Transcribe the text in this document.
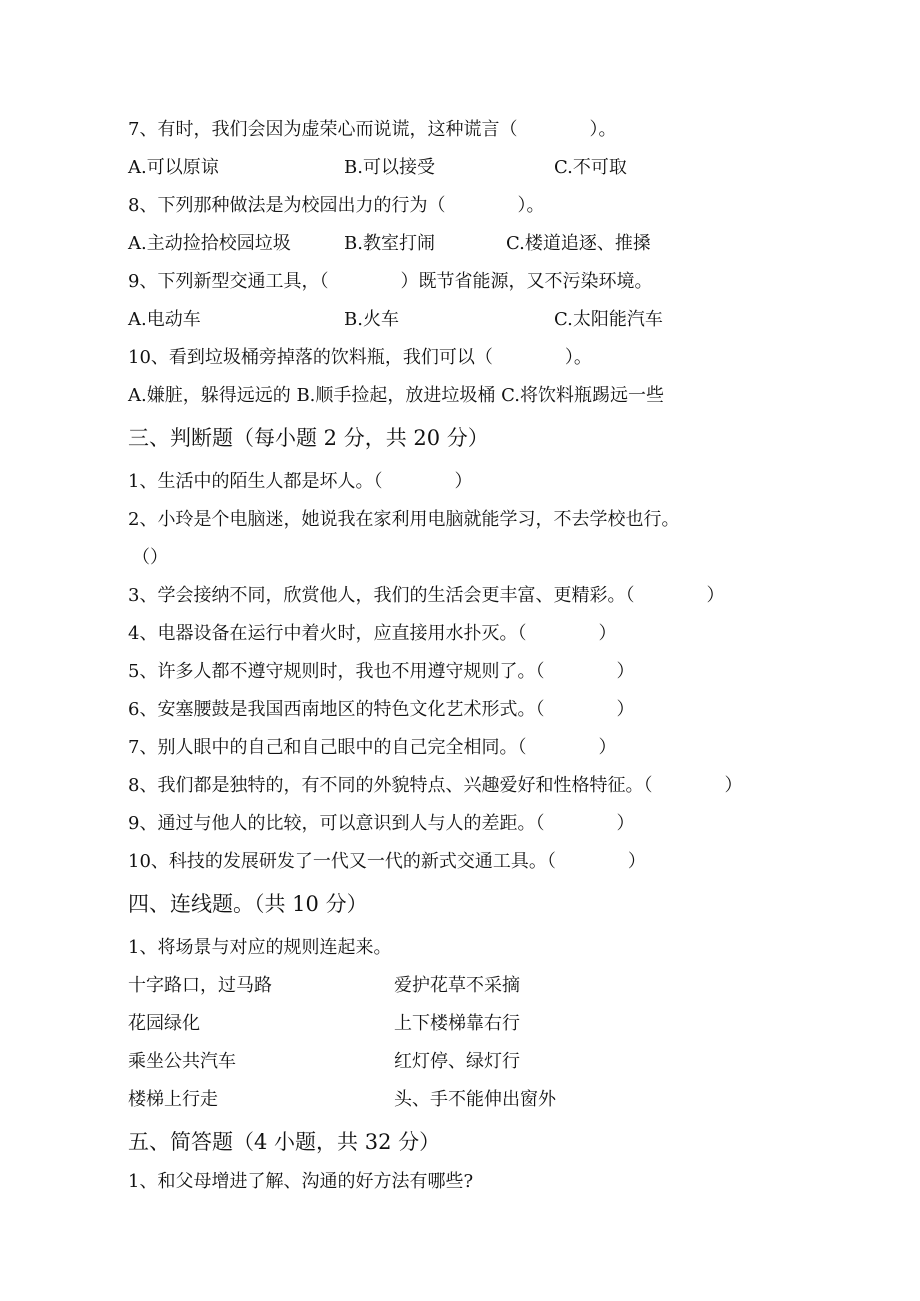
7、有时，我们会因为虚荣心而说谎，这种谎言（　　　　）。

A.可以原谅	B.可以接受	C.不可取

8、下列那种做法是为校园出力的行为（　　　　）。

A.主动捡拾校园垃圾	B.教室打闹	C.楼道追逐、推搡

9、下列新型交通工具，（　　　　）既节省能源，又不污染环境。

A.电动车	B.火车	C.太阳能汽车

10、看到垃圾桶旁掉落的饮料瓶，我们可以（　　　　）。

A.嫌脏，躲得远远的 B.顺手捡起，放进垃圾桶 C.将饮料瓶踢远一些

三、判断题（每小题 2 分，共 20 分）

1、生活中的陌生人都是坏人。（　　　　）

2、小玲是个电脑迷，她说我在家利用电脑就能学习，不去学校也行。

（）

3、学会接纳不同，欣赏他人，我们的生活会更丰富、更精彩。（　　　　）

4、电器设备在运行中着火时，应直接用水扑灭。（　　　　）

5、许多人都不遵守规则时，我也不用遵守规则了。（　　　　）

6、安塞腰鼓是我国西南地区的特色文化艺术形式。（　　　　）

7、别人眼中的自己和自己眼中的自己完全相同。（　　　　）

8、我们都是独特的，有不同的外貌特点、兴趣爱好和性格特征。（　　　　）

9、通过与他人的比较，可以意识到人与人的差距。（　　　　）

10、科技的发展研发了一代又一代的新式交通工具。（　　　　）

四、连线题。（共 10 分）

1、将场景与对应的规则连起来。

十字路口，过马路	爱护花草不采摘
花园绿化	上下楼梯靠右行
乘坐公共汽车	红灯停、绿灯行
楼梯上行走	头、手不能伸出窗外

五、简答题（4 小题，共 32 分）

1、和父母增进了解、沟通的好方法有哪些?
